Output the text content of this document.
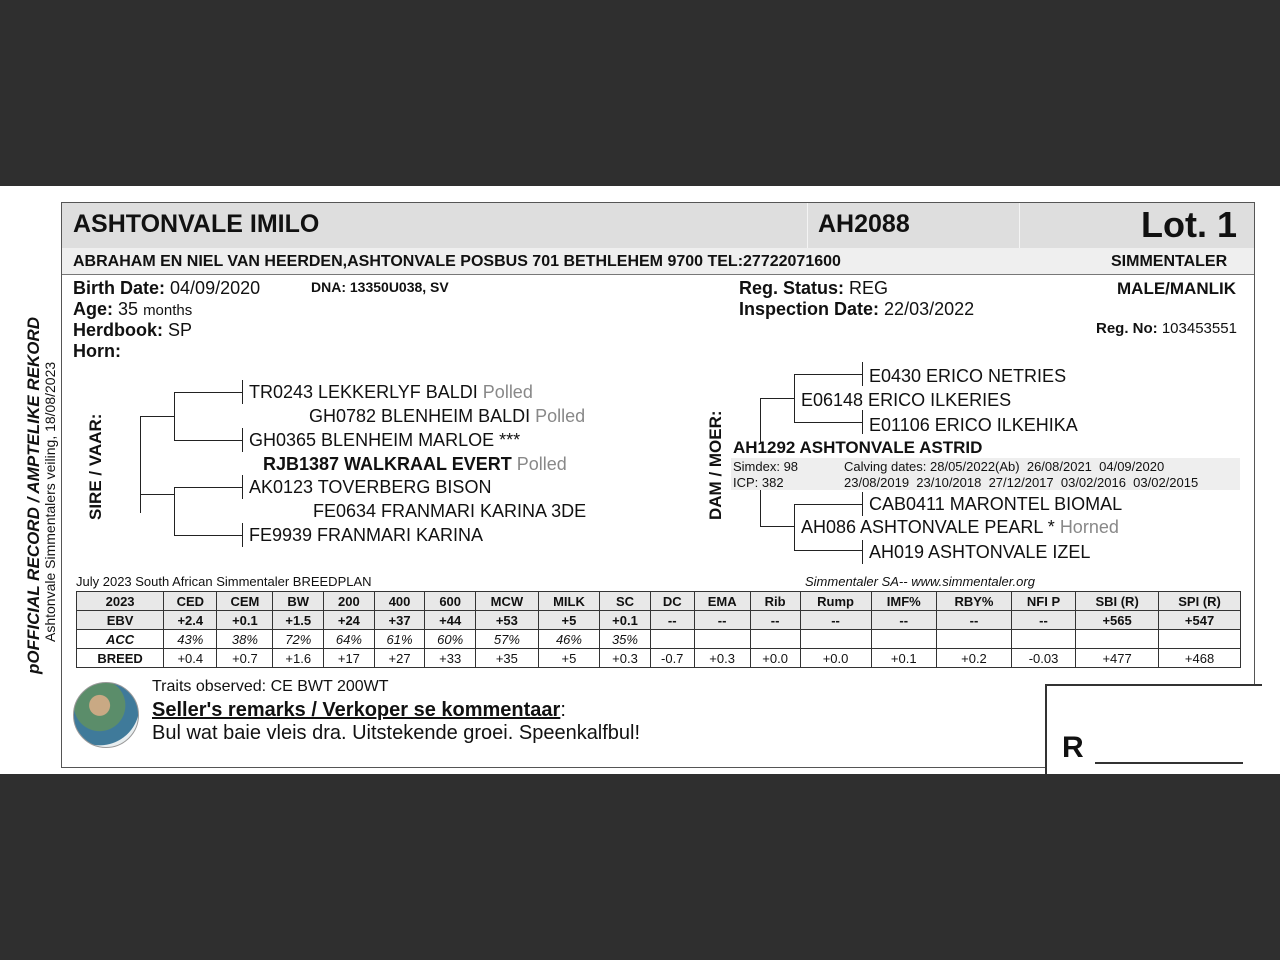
pOFFICIAL RECORD / AMPTELIKE REKORD Ashtonvale Simmentalers veiling, 18/08/2023
ASHTONVALE IMILO	AH2088	Lot. 1
ABRAHAM EN NIEL VAN HEERDEN,ASHTONVALE POSBUS 701 BETHLEHEM 9700 TEL:27722071600	SIMMENTALER
Birth Date: 04/09/2020	DNA: 13350U038, SV
Age: 35 months
Herdbook: SP
Horn:
Reg. Status: REG
Inspection Date: 22/03/2022
MALE/MANLIK
Reg. No: 103453551
SIRE / VAAR:
TR0243 LEKKERLYF BALDI Polled
GH0782 BLENHEIM BALDI Polled
GH0365 BLENHEIM MARLOE ***
RJB1387 WALKRAAL EVERT Polled
AK0123 TOVERBERG BISON
FE0634 FRANMARI KARINA 3DE
FE9939 FRANMARI KARINA
DAM / MOER:
E0430 ERICO NETRIES
E06148 ERICO ILKERIES
E01106 ERICO ILKEHIKA
AH1292 ASHTONVALE ASTRID
Simdex: 98
ICP: 382
Calving dates: 28/05/2022(Ab)  26/08/2021  04/09/2020
23/08/2019  23/10/2018  27/12/2017  03/02/2016  03/02/2015
CAB0411 MARONTEL BIOMAL
AH086 ASHTONVALE PEARL * Horned
AH019 ASHTONVALE IZEL
July 2023 South African Simmentaler BREEDPLAN	Simmentaler SA-- www.simmentaler.org
2023	CED	CEM	BW	200	400	600	MCW	MILK	SC	DC	EMA	Rib	Rump	IMF%	RBY%	NFI P	SBI (R)	SPI (R)
EBV	+2.4	+0.1	+1.5	+24	+37	+44	+53	+5	+0.1	--	--	--	--	--	--	--	+565	+547
ACC	43%	38%	72%	64%	61%	60%	57%	46%	35%									
BREED	+0.4	+0.7	+1.6	+17	+27	+33	+35	+5	+0.3	-0.7	+0.3	+0.0	+0.0	+0.1	+0.2	-0.03	+477	+468
Traits observed: CE BWT 200WT
Seller's remarks / Verkoper se kommentaar:
Bul wat baie vleis dra. Uitstekende groei. Speenkalfbul!	R
